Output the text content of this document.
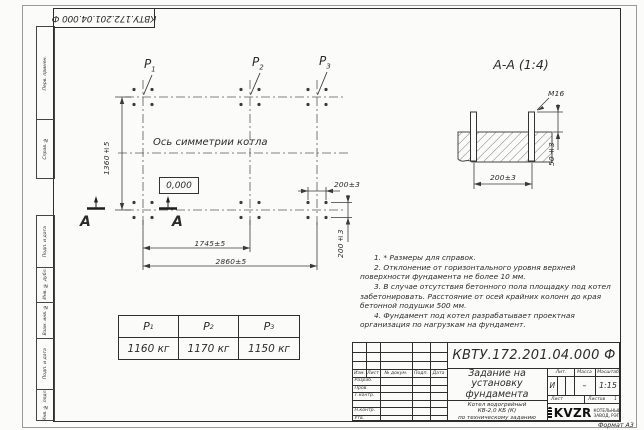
Перв. примен.
Справ. №
Подп. и дата
Инв. № дубл.
Взам. инв. №
Подп. и дата
Инв. № подл.
КВТУ.172.201.04.000 Ф
$P_1$
$P_2$	$P_3$
Ось симметрии котла
0,000
1360±5
1745±5
2860±5
200±3
200±3
А	А
А-А (1:4)
М16
50±3
200±3

1. * Размеры для справок.

2. Отклонение от горизонтального уровня верхней поверхности фундамента не более 10 мм.

3. В случае отсутствия бетонного пола площадку под котел забетонировать. Расстояние от осей крайних колонн до края бетонной подушки 500 мм.

4. Фундамент под котел разрабатывает проектная организация по нагрузкам на фундамент.

P 1	P 2	P 3
1160 кг	1170 кг	1150 кг
Изм. Лист	№ докум.	Подп. Дата
Разраб.
Пров.
Т.контр.
Н.контр.
Утв.
КВТУ.172.201.04.000 Ф
Задание на
установку
фундамента
Котел водогрейный
КВ-2,0 КБ (К)
по техническому заданию
Лит.	Масса	Масштаб
И	–	1:15
Лист	Листов 1
KVZR КОТЕЛЬНЫЙ
ЗАВОД, РЭП
Формат А3
